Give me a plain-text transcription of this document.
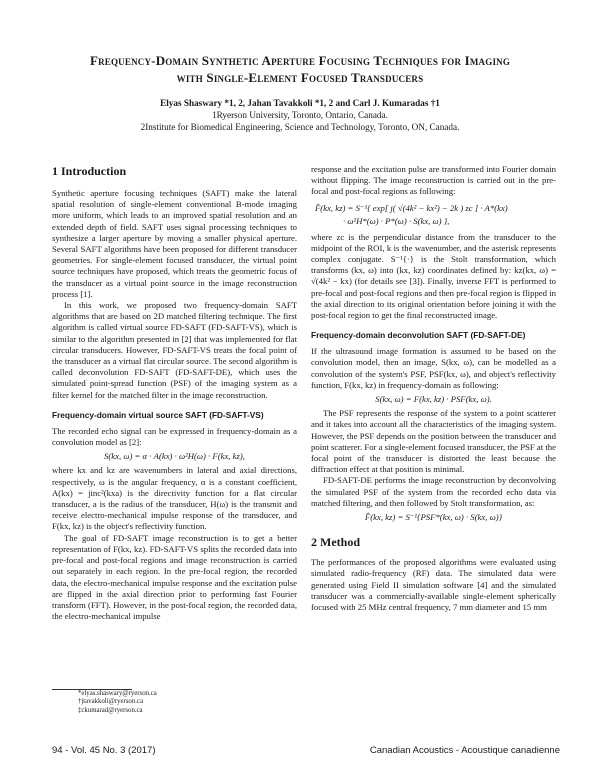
Frequency-Domain Synthetic Aperture Focusing Techniques for Imaging
with Single-Element Focused Transducers
Elyas Shaswary *1, 2, Jahan Tavakkoli *1, 2 and Carl J. Kumaradas †1
1Ryerson University, Toronto, Ontario, Canada.
2Institute for Biomedical Engineering, Science and Technology, Toronto, ON, Canada.
1 Introduction

Synthetic aperture focusing techniques (SAFT) make the lateral spatial resolution of single-element conventional B-mode imaging more uniform, which leads to an improved spatial resolution and an extended depth of field. SAFT uses signal processing techniques to synthesize a larger aperture by moving a smaller physical aperture. Several SAFT algorithms have been proposed for different transducer geometries. For single-element focused transducer, the virtual point source techniques have proposed, which treats the geometric focus of the transducer as a virtual point source in the image reconstruction process [1].

In this work, we proposed two frequency-domain SAFT algorithms that are based on 2D matched filtering technique. The first algorithm is called virtual source FD-SAFT (FD-SAFT-VS), which is similar to the algorithm presented in [2] that was implemented for flat circular transducers. However, FD-SAFT-VS treats the focal point of the transducer as a virtual flat circular source. The second algorithm is called deconvolution FD-SAFT (FD-SAFT-DE), which uses the simulated point-spread function (PSF) of the imaging system as a filter kernel for the matched filter in the image reconstruction.

Frequency-domain virtual source SAFT (FD-SAFT-VS)

The recorded echo signal can be expressed in frequency-domain as a convolution model as [2]:

S(kx, ω) = α · A(kx) · ω²H(ω) · F(kx, kz),

where kx and kz are wavenumbers in lateral and axial directions, respectively, ω is the angular frequency, α is a constant coefficient, A(kx) = jinc²(kxa) is the directivity function for a flat circular transducer, a is the radius of the transducer, H(ω) is the transmit and receive electro-mechanical impulse response of the transducer, and F(kx, kz) is the object's reflectivity function.

The goal of FD-SAFT image reconstruction is to get a better representation of F(kx, kz). FD-SAFT-VS splits the recorded data into pre-focal and post-focal regions and image reconstruction is carried out separately in each region. In the pre-focal region, the recorded data, the electro-mechanical impulse response and the excitation pulse are flipped in the axial direction prior to performing fast Fourier transform (FFT). However, in the post-focal region, the recorded data, the electro-mechanical impulse

response and the excitation pulse are transformed into Fourier domain without flipping. The image reconstruction is carried out in the pre-focal and post-focal regions as following:

F̂(kx, kz) = S⁻¹{ exp[ j( √(4k² − kx²) − 2k ) zc ] · A*(kx)
· ω²H*(ω) · P*(ω) · S(kx, ω) },

where zc is the perpendicular distance from the transducer to the midpoint of the ROI, k is the wavenumber, and the asterisk represents complex conjugate. S⁻¹{·} is the Stolt transformation, which transforms (kx, ω) into (kx, kz) coordinates defined by: kz(kx, ω) = √(4k² − kx) (for details see [3]). Finally, inverse FFT is performed to pre-focal and post-focal regions and then pre-focal region is flipped in the axial direction to its original orientation before joining it with the post-focal region to get the final reconstructed image.

Frequency-domain deconvolution SAFT (FD-SAFT-DE)

If the ultrasound image formation is assumed to be based on the convolution model, then an image, S(kx, ω), can be modelled as a convolution of the system's PSF, PSF(kx, ω), and object's reflectivity function, F(kx, kz) in frequency-domain as following:

S(kx, ω) = F(kx, kz) · PSF(kx, ω).

The PSF represents the response of the system to a point scatterer and it takes into account all the characteristics of the imaging system. However, the PSF depends on the position between the transducer and point scatterer. For a single-element focused transducer, the PSF at the focal point of the transducer is distorted the least because the diffraction effect at that position is minimal.

FD-SAFT-DE performs the image reconstruction by deconvolving the simulated PSF of the system from the recorded echo data via matched filtering, and then followed by Stolt transformation, as:

F̂(kx, kz) = S⁻¹{PSF*(kx, ω) · S(kx, ω)}
2 Method

The performances of the proposed algorithms were evaluated using simulated radio-frequency (RF) data. The simulated data were generated using Field II simulation software [4] and the simulated transducer was a commercially-available single-element spherically focused with 25 MHz central frequency, 7 mm diameter and 15 mm

*elyas.shaswary@ryerson.ca
†jtavakkoli@ryerson.ca
‡ckumarad@ryerson.ca
94 - Vol. 45 No. 3 (2017)	Canadian Acoustics - Acoustique canadienne
